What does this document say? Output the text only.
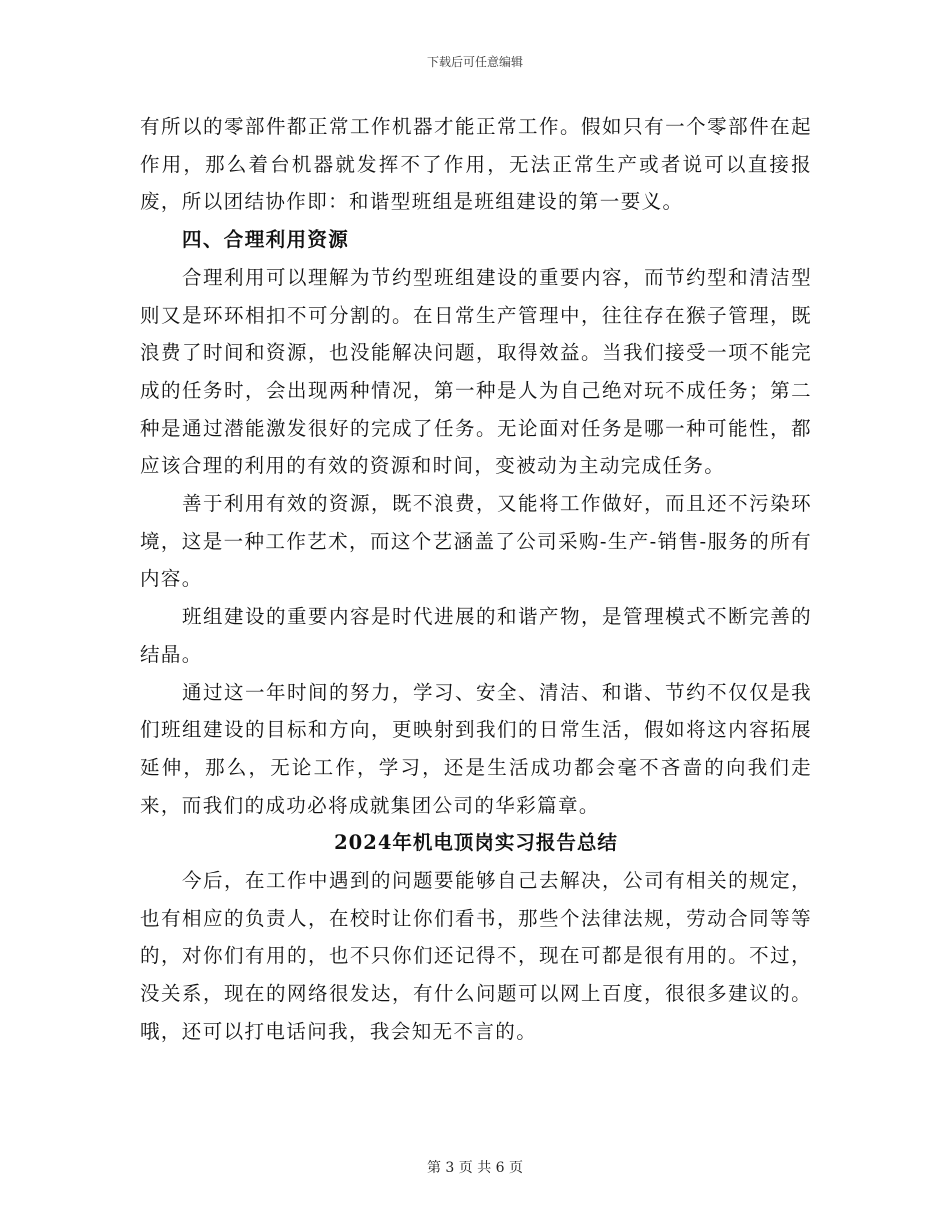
下载后可任意编辑

有所以的零部件都正常工作机器才能正常工作。假如只有一个零部件在起作用，那么着台机器就发挥不了作用，无法正常生产或者说可以直接报废，所以团结协作即：和谐型班组是班组建设的第一要义。

四、合理利用资源

合理利用可以理解为节约型班组建设的重要内容，而节约型和清洁型则又是环环相扣不可分割的。在日常生产管理中，往往存在猴子管理，既浪费了时间和资源，也没能解决问题，取得效益。当我们接受一项不能完成的任务时，会出现两种情况，第一种是人为自己绝对玩不成任务；第二种是通过潜能激发很好的完成了任务。无论面对任务是哪一种可能性，都应该合理的利用的有效的资源和时间，变被动为主动完成任务。

善于利用有效的资源，既不浪费，又能将工作做好，而且还不污染环境，这是一种工作艺术，而这个艺涵盖了公司采购-生产-销售-服务的所有内容。

班组建设的重要内容是时代进展的和谐产物，是管理模式不断完善的结晶。

通过这一年时间的努力，学习、安全、清洁、和谐、节约不仅仅是我们班组建设的目标和方向，更映射到我们的日常生活，假如将这内容拓展延伸，那么，无论工作，学习，还是生活成功都会毫不吝啬的向我们走来，而我们的成功必将成就集团公司的华彩篇章。

2024年机电顶岗实习报告总结

今后，在工作中遇到的问题要能够自己去解决，公司有相关的规定，也有相应的负责人，在校时让你们看书，那些个法律法规，劳动合同等等的，对你们有用的，也不只你们还记得不，现在可都是很有用的。不过，没关系，现在的网络很发达，有什么问题可以网上百度，很很多建议的。哦，还可以打电话问我，我会知无不言的。

第 3 页 共 6 页
